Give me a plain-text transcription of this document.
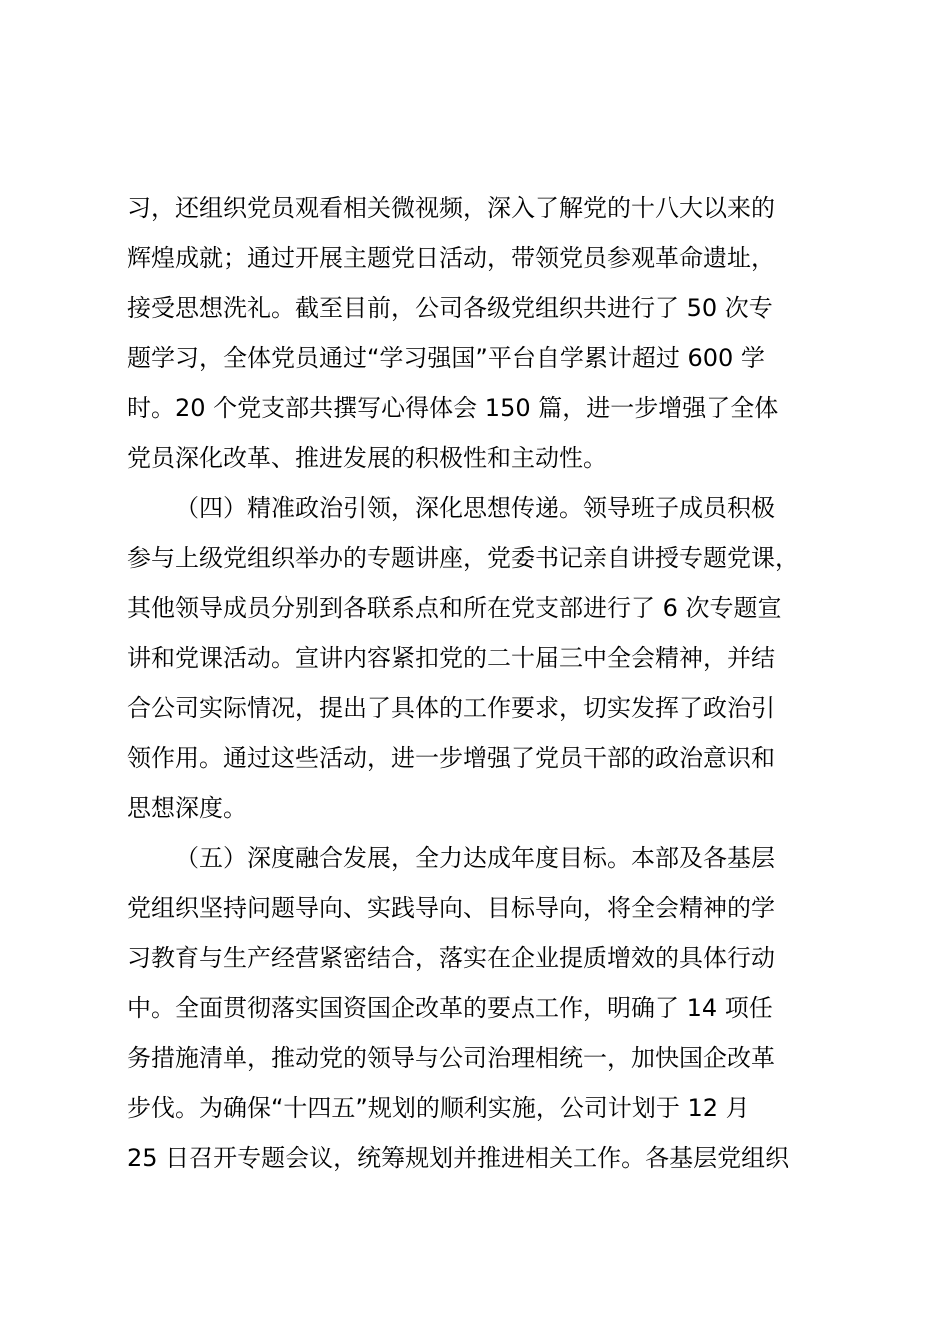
习，还组织党员观看相关微视频，深入了解党的十八大以来的
辉煌成就；通过开展主题党日活动，带领党员参观革命遗址，
接受思想洗礼。截至目前，公司各级党组织共进行了 50 次专
题学习，全体党员通过“学习强国”平台自学累计超过 600 学
时。20 个党支部共撰写心得体会 150 篇，进一步增强了全体
党员深化改革、推进发展的积极性和主动性。
（四）精准政治引领，深化思想传递。领导班子成员积极
参与上级党组织举办的专题讲座，党委书记亲自讲授专题党课，
其他领导成员分别到各联系点和所在党支部进行了 6 次专题宣
讲和党课活动。宣讲内容紧扣党的二十届三中全会精神，并结
合公司实际情况，提出了具体的工作要求，切实发挥了政治引
领作用。通过这些活动，进一步增强了党员干部的政治意识和
思想深度。
（五）深度融合发展，全力达成年度目标。本部及各基层
党组织坚持问题导向、实践导向、目标导向，将全会精神的学
习教育与生产经营紧密结合，落实在企业提质增效的具体行动
中。全面贯彻落实国资国企改革的要点工作，明确了 14 项任
务措施清单，推动党的领导与公司治理相统一，加快国企改革
步伐。为确保“十四五”规划的顺利实施，公司计划于 12 月
25 日召开专题会议，统筹规划并推进相关工作。各基层党组织
